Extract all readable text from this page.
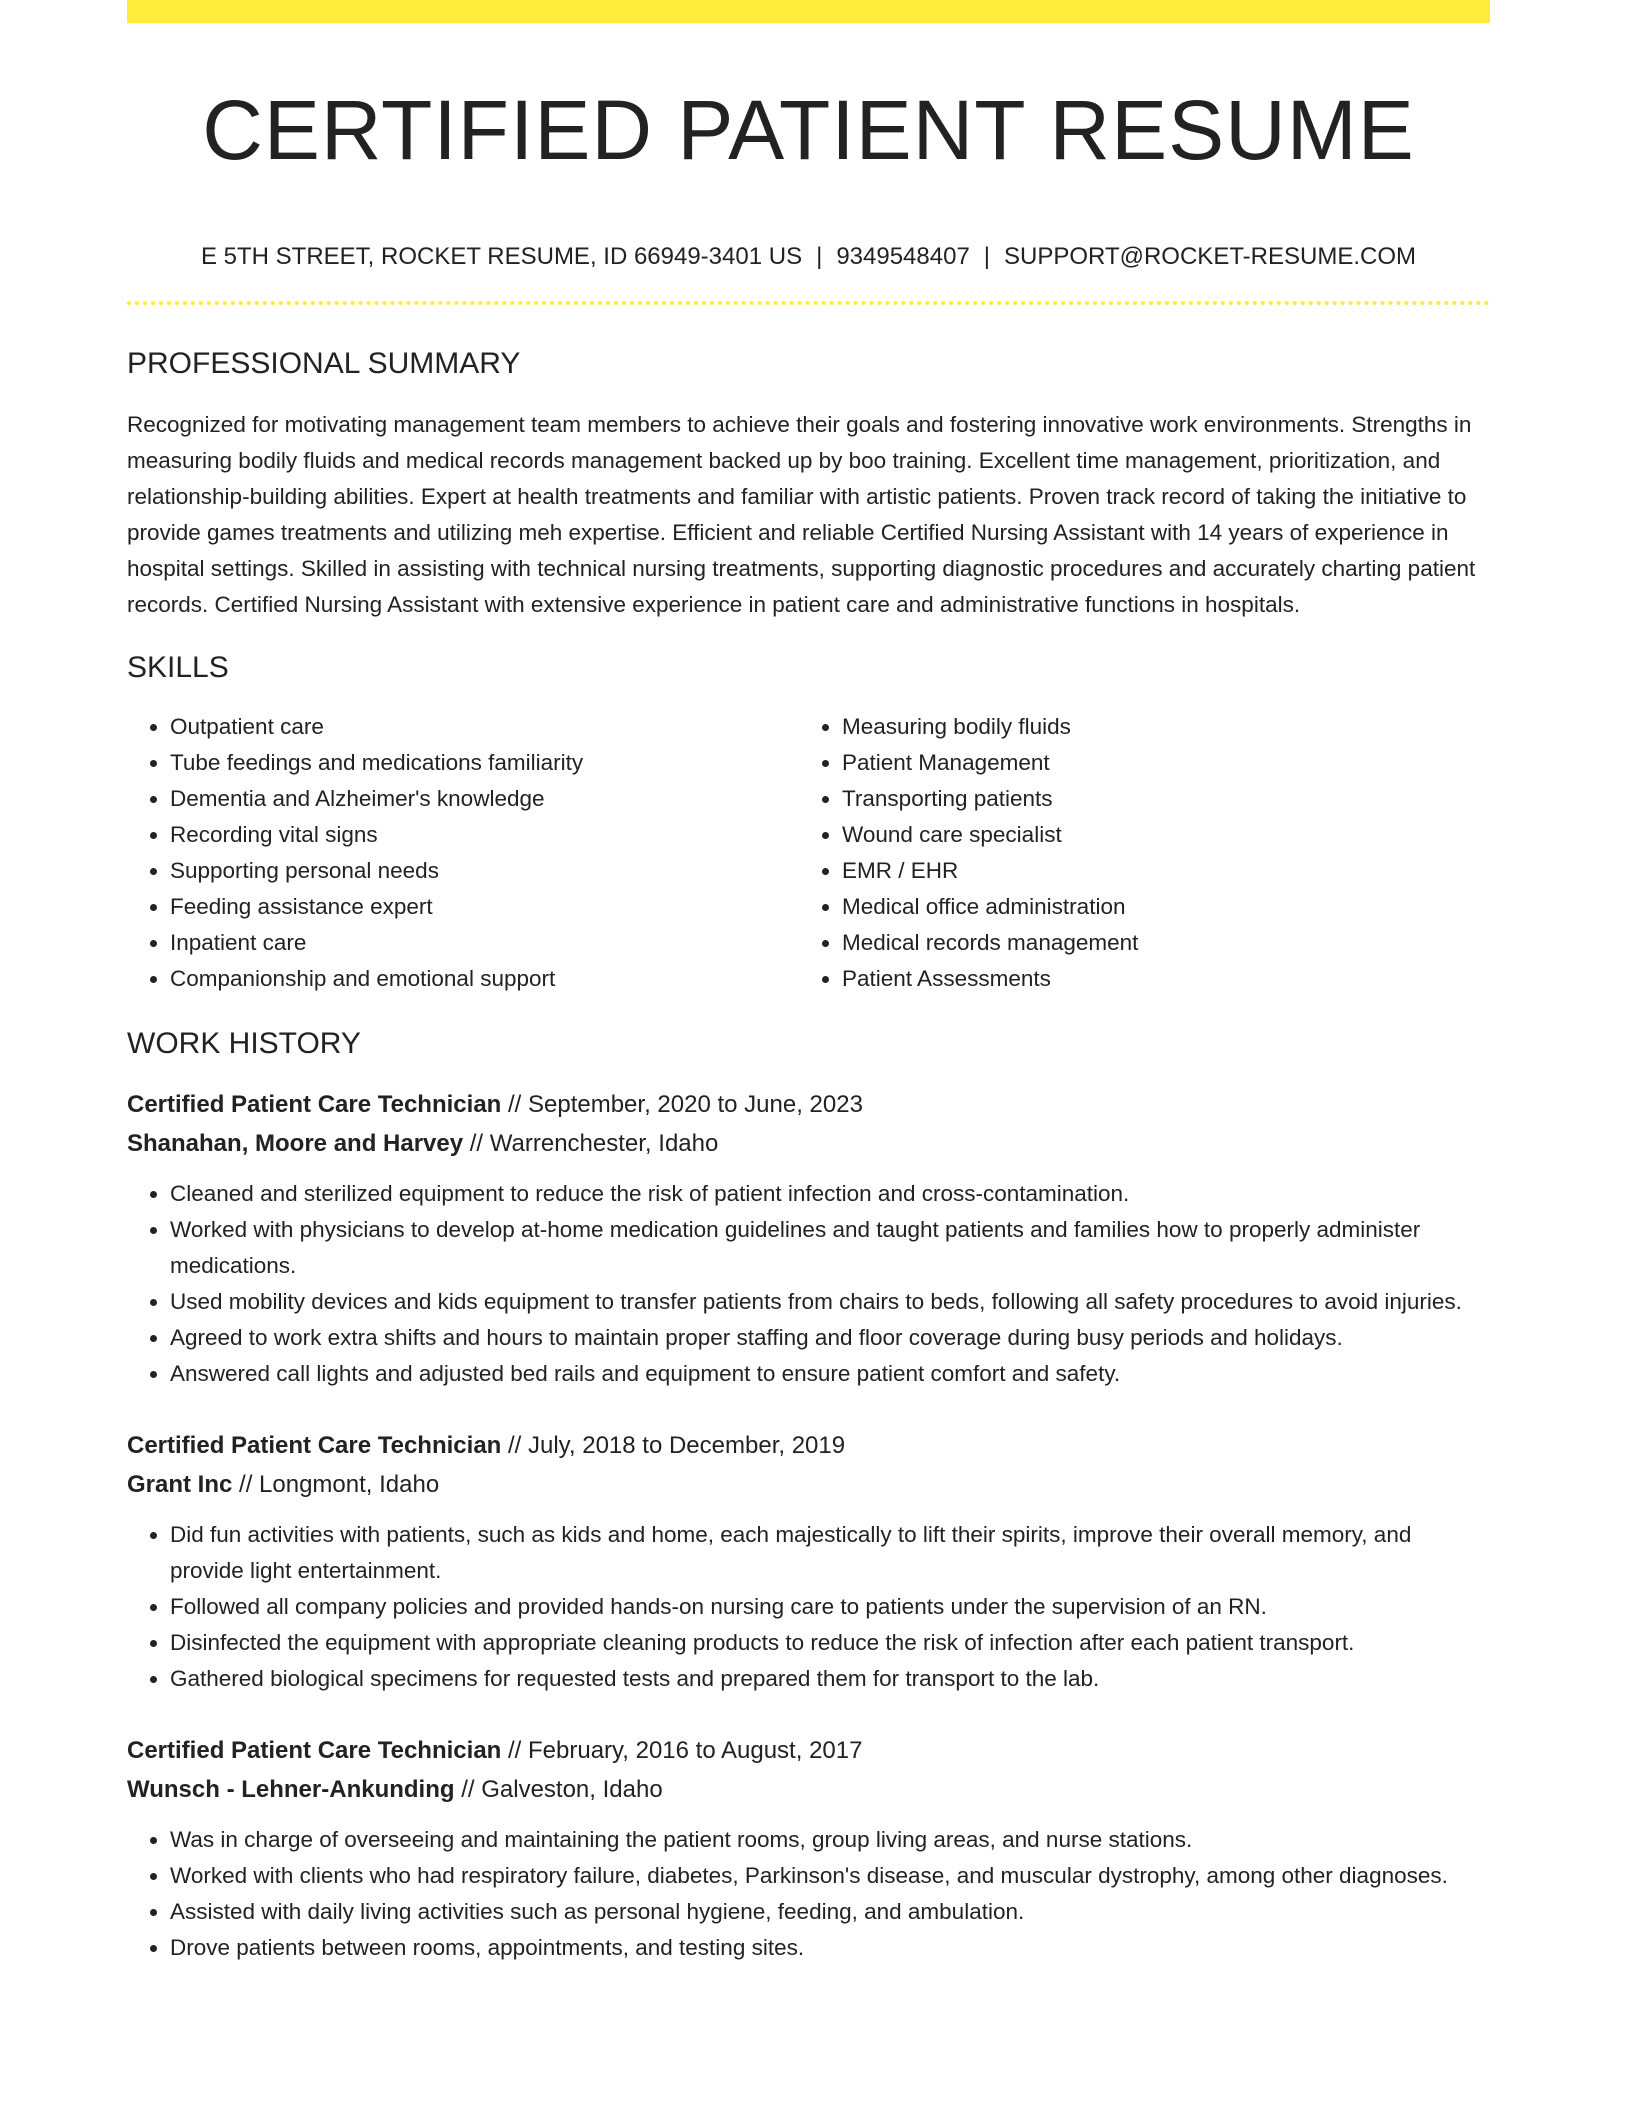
CERTIFIED PATIENT RESUME
E 5TH STREET, ROCKET RESUME, ID 66949-3401 US | 9349548407 | SUPPORT@ROCKET-RESUME.COM
PROFESSIONAL SUMMARY

Recognized for motivating management team members to achieve their goals and fostering innovative work environments. Strengths in measuring bodily fluids and medical records management backed up by boo training. Excellent time management, prioritization, and relationship-building abilities. Expert at health treatments and familiar with artistic patients. Proven track record of taking the initiative to provide games treatments and utilizing meh expertise. Efficient and reliable Certified Nursing Assistant with 14 years of experience in hospital settings. Skilled in assisting with technical nursing treatments, supporting diagnostic procedures and accurately charting patient records. Certified Nursing Assistant with extensive experience in patient care and administrative functions in hospitals.

SKILLS
• Outpatient care
• Tube feedings and medications familiarity
• Dementia and Alzheimer's knowledge
• Recording vital signs
• Supporting personal needs
• Feeding assistance expert
• Inpatient care
• Companionship and emotional support
• Measuring bodily fluids
• Patient Management
• Transporting patients
• Wound care specialist
• EMR / EHR
• Medical office administration
• Medical records management
• Patient Assessments
WORK HISTORY
Certified Patient Care Technician // September, 2020 to June, 2023
Shanahan, Moore and Harvey // Warrenchester, Idaho
• Cleaned and sterilized equipment to reduce the risk of patient infection and cross-contamination.
• Worked with physicians to develop at-home medication guidelines and taught patients and families how to properly administer medications.
• Used mobility devices and kids equipment to transfer patients from chairs to beds, following all safety procedures to avoid injuries.
• Agreed to work extra shifts and hours to maintain proper staffing and floor coverage during busy periods and holidays.
• Answered call lights and adjusted bed rails and equipment to ensure patient comfort and safety.
Certified Patient Care Technician // July, 2018 to December, 2019
Grant Inc // Longmont, Idaho
• Did fun activities with patients, such as kids and home, each majestically to lift their spirits, improve their overall memory, and provide light entertainment.
• Followed all company policies and provided hands-on nursing care to patients under the supervision of an RN.
• Disinfected the equipment with appropriate cleaning products to reduce the risk of infection after each patient transport.
• Gathered biological specimens for requested tests and prepared them for transport to the lab.
Certified Patient Care Technician // February, 2016 to August, 2017
Wunsch - Lehner-Ankunding // Galveston, Idaho
• Was in charge of overseeing and maintaining the patient rooms, group living areas, and nurse stations.
• Worked with clients who had respiratory failure, diabetes, Parkinson's disease, and muscular dystrophy, among other diagnoses.
• Assisted with daily living activities such as personal hygiene, feeding, and ambulation.
• Drove patients between rooms, appointments, and testing sites.
